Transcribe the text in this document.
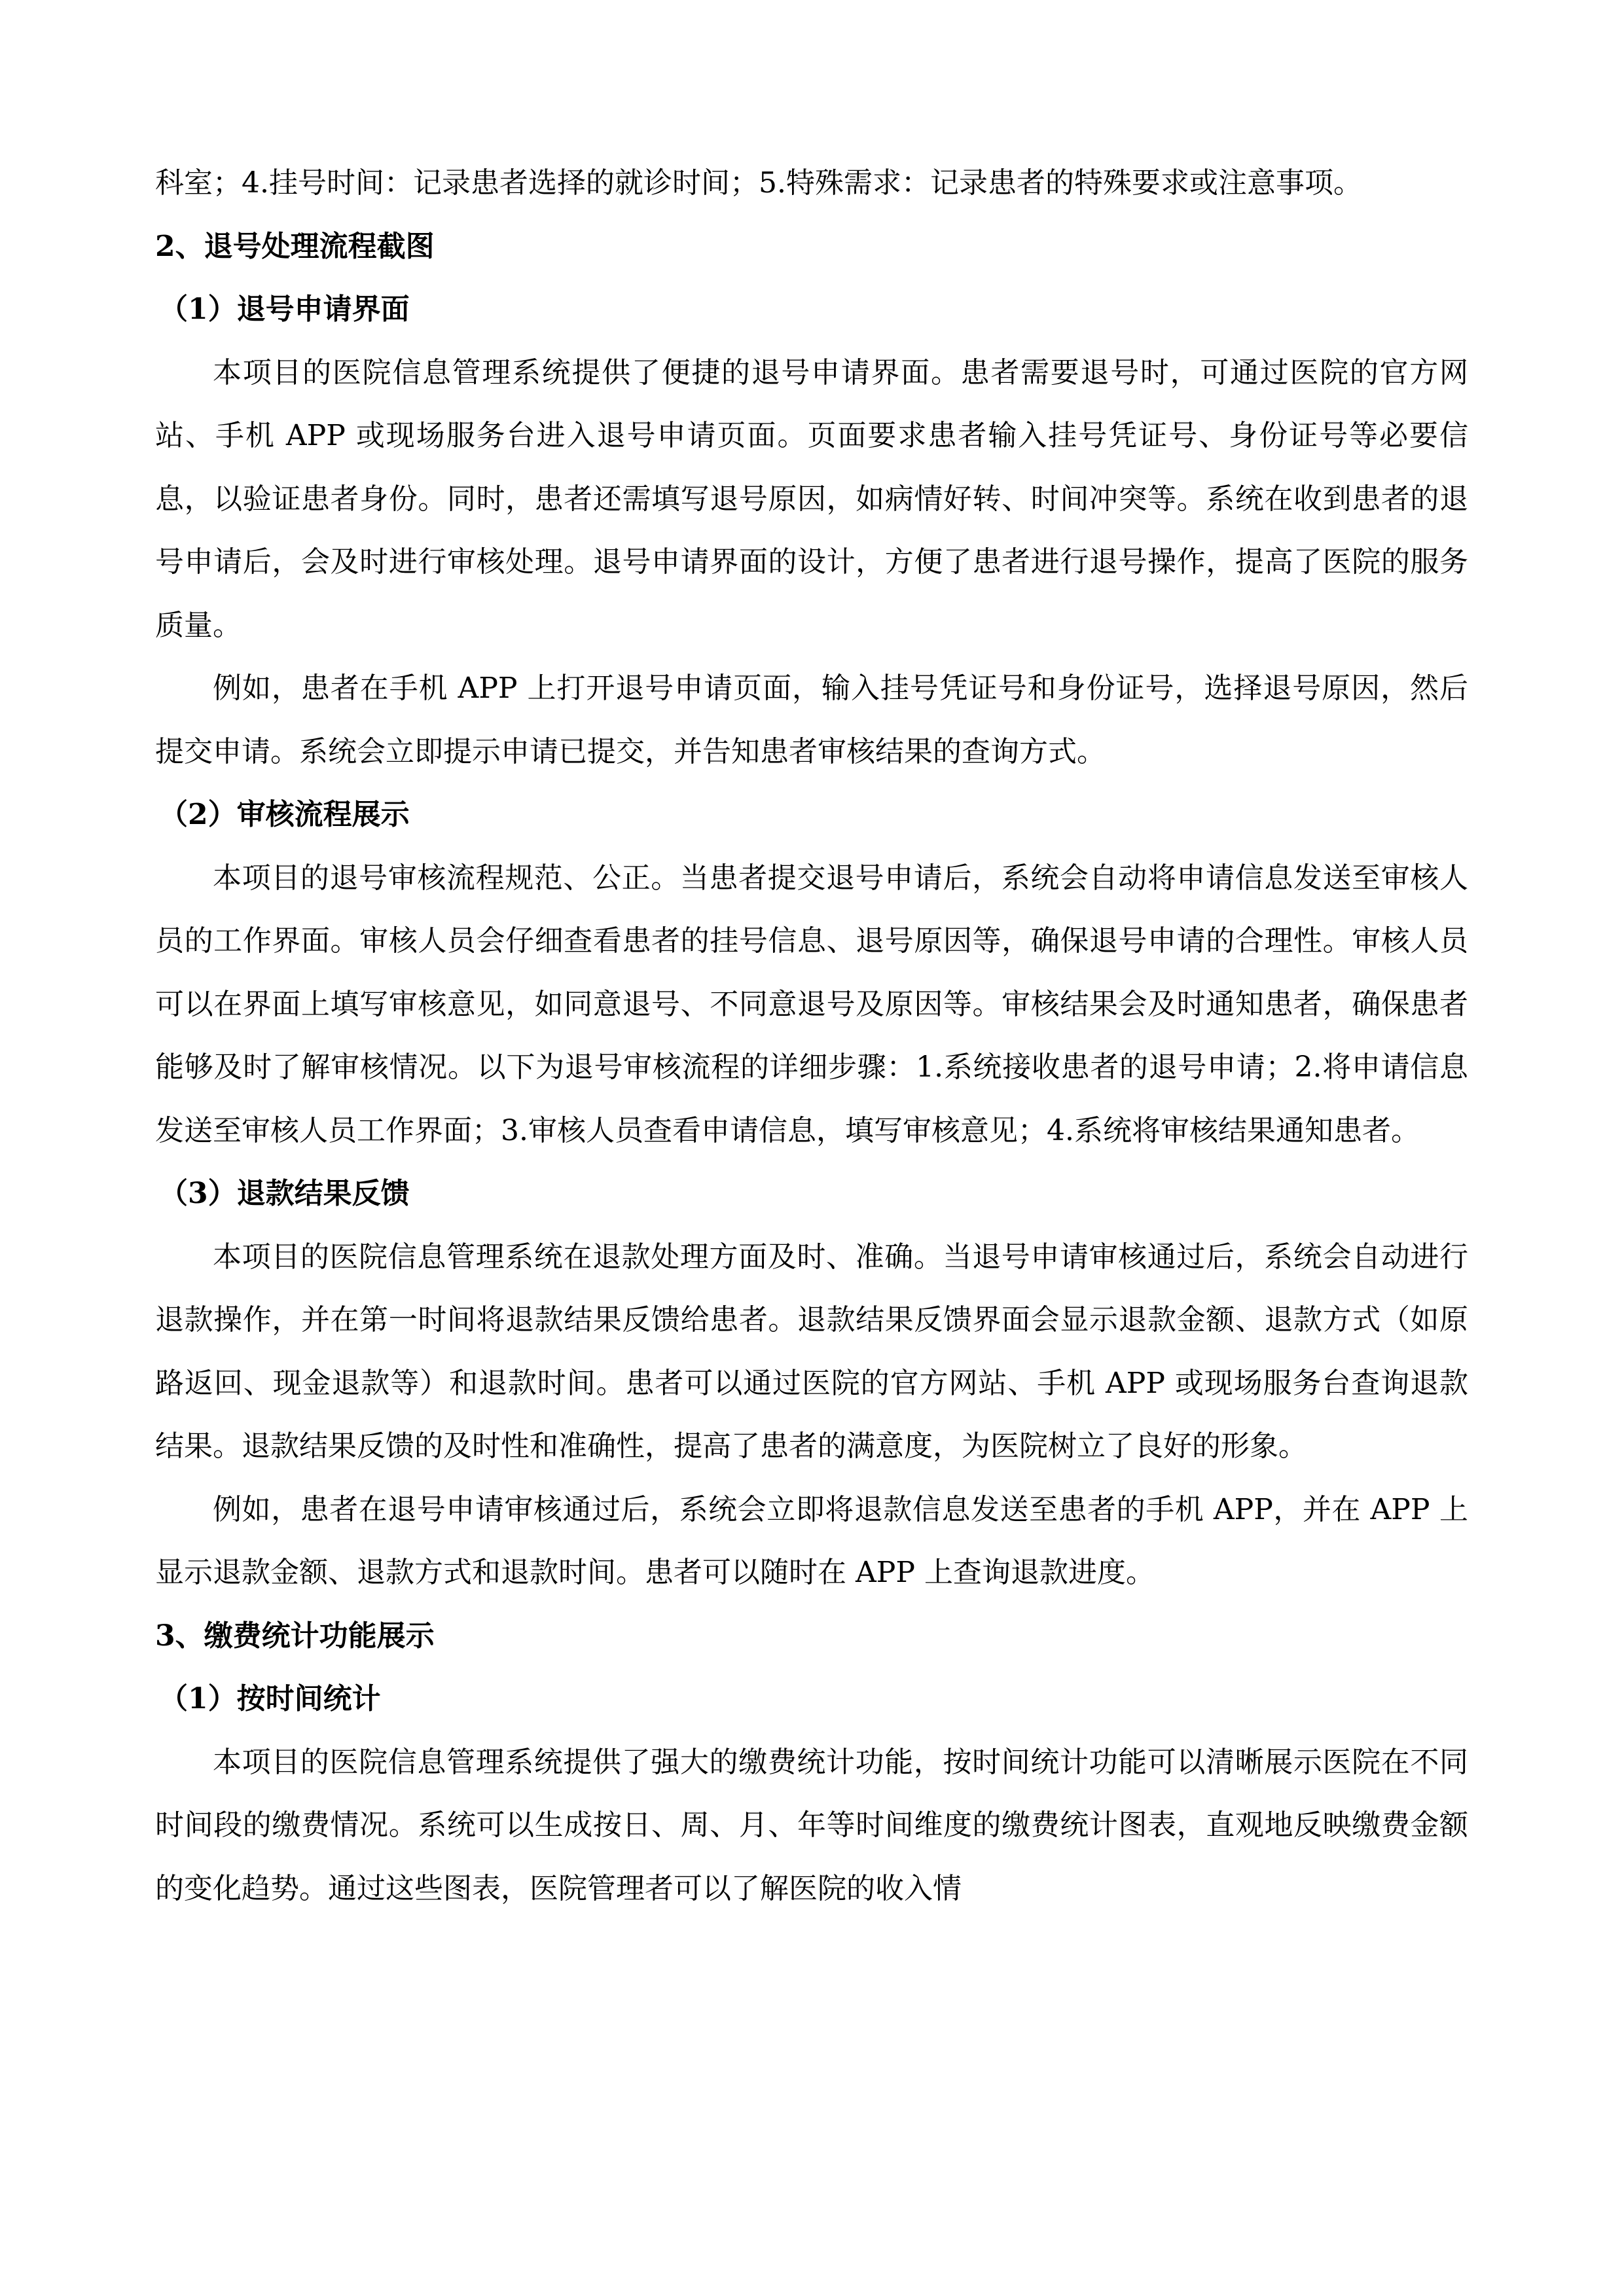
科室；4.挂号时间：记录患者选择的就诊时间；5.特殊需求：记录患者的特殊要求或注意事项。

2、退号处理流程截图
（1）退号申请界面

本项目的医院信息管理系统提供了便捷的退号申请界面。患者需要退号时，可通过医院的官方网站、手机 APP 或现场服务台进入退号申请页面。页面要求患者输入挂号凭证号、身份证号等必要信息，以验证患者身份。同时，患者还需填写退号原因，如病情好转、时间冲突等。系统在收到患者的退号申请后，会及时进行审核处理。退号申请界面的设计，方便了患者进行退号操作，提高了医院的服务质量。

例如，患者在手机 APP 上打开退号申请页面，输入挂号凭证号和身份证号，选择退号原因，然后提交申请。系统会立即提示申请已提交，并告知患者审核结果的查询方式。

（2）审核流程展示

本项目的退号审核流程规范、公正。当患者提交退号申请后，系统会自动将申请信息发送至审核人员的工作界面。审核人员会仔细查看患者的挂号信息、退号原因等，确保退号申请的合理性。审核人员可以在界面上填写审核意见，如同意退号、不同意退号及原因等。审核结果会及时通知患者，确保患者能够及时了解审核情况。以下为退号审核流程的详细步骤：1.系统接收患者的退号申请；2.将申请信息发送至审核人员工作界面；3.审核人员查看申请信息，填写审核意见；4.系统将审核结果通知患者。

（3）退款结果反馈

本项目的医院信息管理系统在退款处理方面及时、准确。当退号申请审核通过后，系统会自动进行退款操作，并在第一时间将退款结果反馈给患者。退款结果反馈界面会显示退款金额、退款方式（如原路返回、现金退款等）和退款时间。患者可以通过医院的官方网站、手机 APP 或现场服务台查询退款结果。退款结果反馈的及时性和准确性，提高了患者的满意度，为医院树立了良好的形象。

例如，患者在退号申请审核通过后，系统会立即将退款信息发送至患者的手机 APP，并在 APP 上显示退款金额、退款方式和退款时间。患者可以随时在 APP 上查询退款进度。

3、缴费统计功能展示
（1）按时间统计

本项目的医院信息管理系统提供了强大的缴费统计功能，按时间统计功能可以清晰展示医院在不同时间段的缴费情况。系统可以生成按日、周、月、年等时间维度的缴费统计图表，直观地反映缴费金额的变化趋势。通过这些图表，医院管理者可以了解医院的收入情
